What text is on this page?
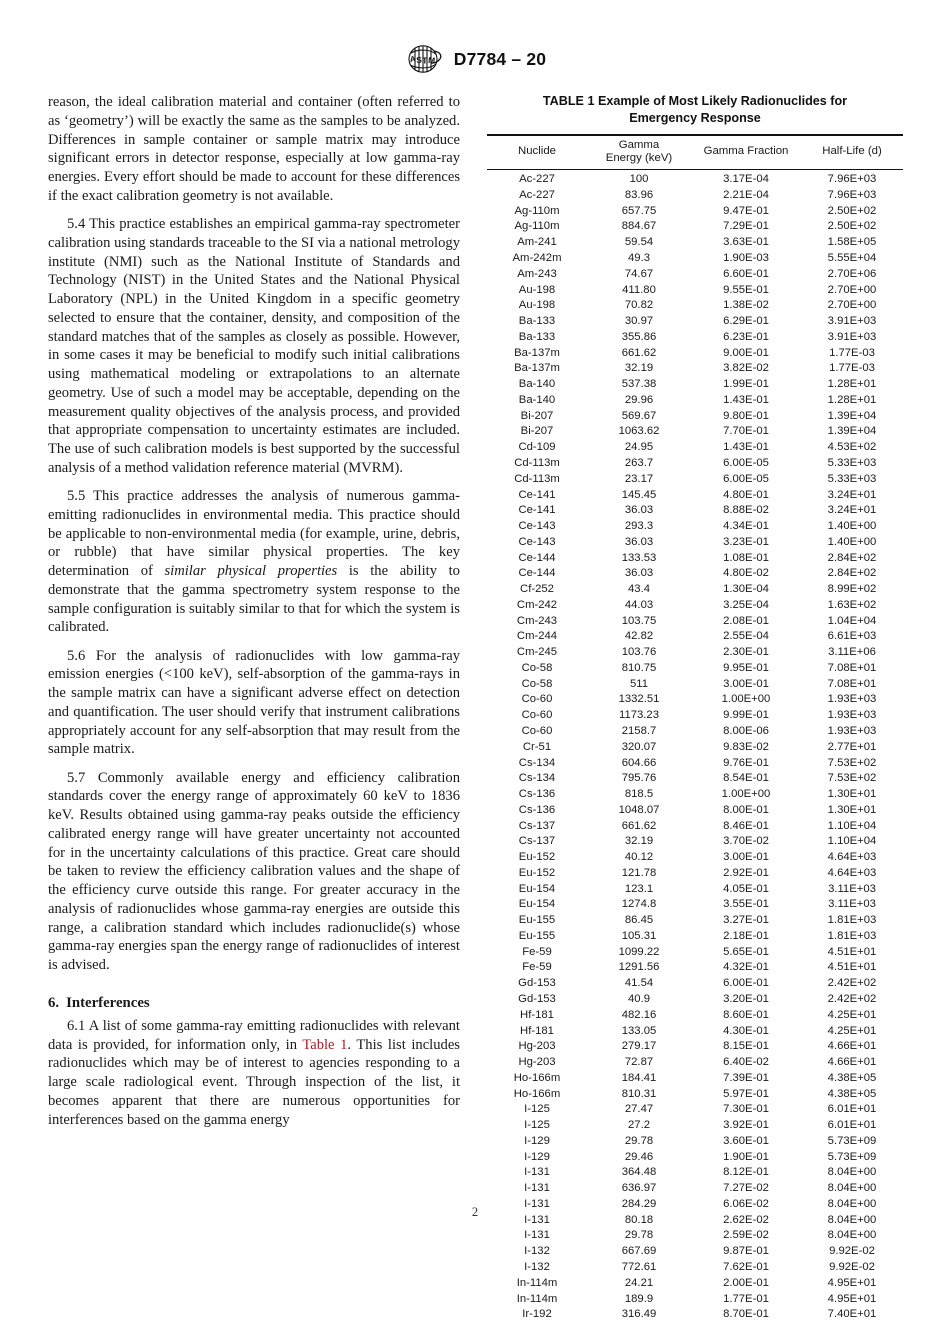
A S T M D7784 – 20

reason, the ideal calibration material and container (often referred to as ‘geometry’) will be exactly the same as the samples to be analyzed. Differences in sample container or sample matrix may introduce significant errors in detector response, especially at low gamma-ray energies. Every effort should be made to account for these differences if the exact calibration geometry is not available.

5.4 This practice establishes an empirical gamma-ray spectrometer calibration using standards traceable to the SI via a national metrology institute (NMI) such as the National Institute of Standards and Technology (NIST) in the United States and the National Physical Laboratory (NPL) in the United Kingdom in a specific geometry selected to ensure that the container, density, and composition of the standard matches that of the samples as closely as possible. However, in some cases it may be beneficial to modify such initial calibrations using mathematical modeling or extrapolations to an alternate geometry. Use of such a model may be acceptable, depending on the measurement quality objectives of the analysis process, and provided that appropriate compensation to uncertainty estimates are included. The use of such calibration models is best supported by the successful analysis of a method validation reference material (MVRM).

5.5 This practice addresses the analysis of numerous gamma-emitting radionuclides in environmental media. This practice should be applicable to non-environmental media (for example, urine, debris, or rubble) that have similar physical properties. The key determination of similar physical properties is the ability to demonstrate that the gamma spectrometry system response to the sample configuration is suitably similar to that for which the system is calibrated.

5.6 For the analysis of radionuclides with low gamma-ray emission energies (<100 keV), self-absorption of the gamma-rays in the sample matrix can have a significant adverse effect on detection and quantification. The user should verify that instrument calibrations appropriately account for any self-absorption that may result from the sample matrix.

5.7 Commonly available energy and efficiency calibration standards cover the energy range of approximately 60 keV to 1836 keV. Results obtained using gamma-ray peaks outside the efficiency calibrated energy range will have greater uncertainty not accounted for in the uncertainty calculations of this practice. Great care should be taken to review the efficiency calibration values and the shape of the efficiency curve outside this range. For greater accuracy in the analysis of radionuclides whose gamma-ray energies are outside this range, a calibration standard which includes radionuclide(s) whose gamma-ray energies span the energy range of radionuclides of interest is advised.

6. Interferences

6.1 A list of some gamma-ray emitting radionuclides with relevant data is provided, for information only, in Table 1. This list includes radionuclides which may be of interest to agencies responding to a large scale radiological event. Through inspection of the list, it becomes apparent that there are numerous opportunities for interferences based on the gamma energy

TABLE 1 Example of Most Likely Radionuclides for
Emergency Response
Nuclide	Gamma
Energy (keV)	Gamma Fraction	Half-Life (d)
Ac-227	100	3.17E-04	7.96E+03
Ac-227	83.96	2.21E-04	7.96E+03
Ag-110m	657.75	9.47E-01	2.50E+02
Ag-110m	884.67	7.29E-01	2.50E+02
Am-241	59.54	3.63E-01	1.58E+05
Am-242m	49.3	1.90E-03	5.55E+04
Am-243	74.67	6.60E-01	2.70E+06
Au-198	411.80	9.55E-01	2.70E+00
Au-198	70.82	1.38E-02	2.70E+00
Ba-133	30.97	6.29E-01	3.91E+03
Ba-133	355.86	6.23E-01	3.91E+03
Ba-137m	661.62	9.00E-01	1.77E-03
Ba-137m	32.19	3.82E-02	1.77E-03
Ba-140	537.38	1.99E-01	1.28E+01
Ba-140	29.96	1.43E-01	1.28E+01
Bi-207	569.67	9.80E-01	1.39E+04
Bi-207	1063.62	7.70E-01	1.39E+04
Cd-109	24.95	1.43E-01	4.53E+02
Cd-113m	263.7	6.00E-05	5.33E+03
Cd-113m	23.17	6.00E-05	5.33E+03
Ce-141	145.45	4.80E-01	3.24E+01
Ce-141	36.03	8.88E-02	3.24E+01
Ce-143	293.3	4.34E-01	1.40E+00
Ce-143	36.03	3.23E-01	1.40E+00
Ce-144	133.53	1.08E-01	2.84E+02
Ce-144	36.03	4.80E-02	2.84E+02
Cf-252	43.4	1.30E-04	8.99E+02
Cm-242	44.03	3.25E-04	1.63E+02
Cm-243	103.75	2.08E-01	1.04E+04
Cm-244	42.82	2.55E-04	6.61E+03
Cm-245	103.76	2.30E-01	3.11E+06
Co-58	810.75	9.95E-01	7.08E+01
Co-58	511	3.00E-01	7.08E+01
Co-60	1332.51	1.00E+00	1.93E+03
Co-60	1173.23	9.99E-01	1.93E+03
Co-60	2158.7	8.00E-06	1.93E+03
Cr-51	320.07	9.83E-02	2.77E+01
Cs-134	604.66	9.76E-01	7.53E+02
Cs-134	795.76	8.54E-01	7.53E+02
Cs-136	818.5	1.00E+00	1.30E+01
Cs-136	1048.07	8.00E-01	1.30E+01
Cs-137	661.62	8.46E-01	1.10E+04
Cs-137	32.19	3.70E-02	1.10E+04
Eu-152	40.12	3.00E-01	4.64E+03
Eu-152	121.78	2.92E-01	4.64E+03
Eu-154	123.1	4.05E-01	3.11E+03
Eu-154	1274.8	3.55E-01	3.11E+03
Eu-155	86.45	3.27E-01	1.81E+03
Eu-155	105.31	2.18E-01	1.81E+03
Fe-59	1099.22	5.65E-01	4.51E+01
Fe-59	1291.56	4.32E-01	4.51E+01
Gd-153	41.54	6.00E-01	2.42E+02
Gd-153	40.9	3.20E-01	2.42E+02
Hf-181	482.16	8.60E-01	4.25E+01
Hf-181	133.05	4.30E-01	4.25E+01
Hg-203	279.17	8.15E-01	4.66E+01
Hg-203	72.87	6.40E-02	4.66E+01
Ho-166m	184.41	7.39E-01	4.38E+05
Ho-166m	810.31	5.97E-01	4.38E+05
I-125	27.47	7.30E-01	6.01E+01
I-125	27.2	3.92E-01	6.01E+01
I-129	29.78	3.60E-01	5.73E+09
I-129	29.46	1.90E-01	5.73E+09
I-131	364.48	8.12E-01	8.04E+00
I-131	636.97	7.27E-02	8.04E+00
I-131	284.29	6.06E-02	8.04E+00
I-131	80.18	2.62E-02	8.04E+00
I-131	29.78	2.59E-02	8.04E+00
I-132	667.69	9.87E-01	9.92E-02
I-132	772.61	7.62E-01	9.92E-02
In-114m	24.21	2.00E-01	4.95E+01
In-114m	189.9	1.77E-01	4.95E+01
Ir-192	316.49	8.70E-01	7.40E+01

2
